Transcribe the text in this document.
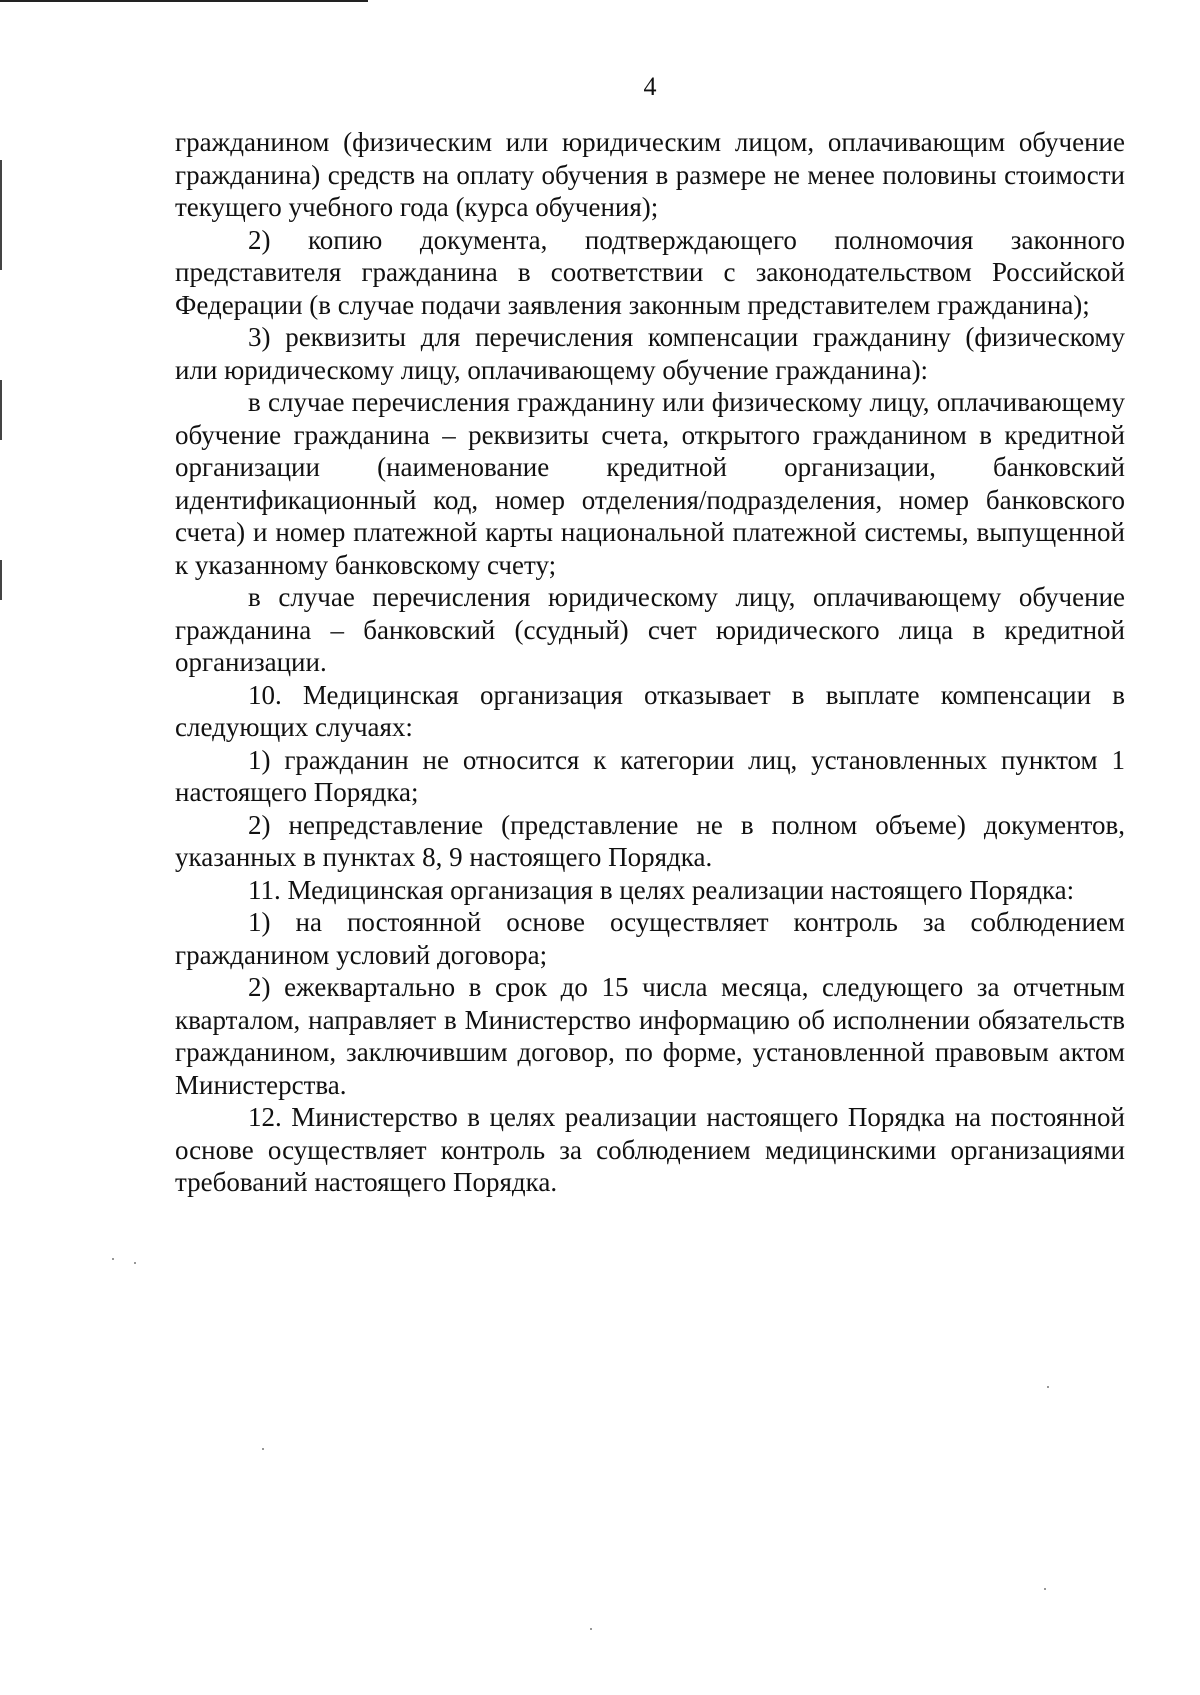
4

гражданином (физическим или юридическим лицом, оплачивающим обучение гражданина) средств на оплату обучения в размере не менее половины стоимости текущего учебного года (курса обучения);

2) копию документа, подтверждающего полномочия законного представителя гражданина в соответствии с законодательством Российской Федерации (в случае подачи заявления законным представителем гражданина);

3) реквизиты для перечисления компенсации гражданину (физическому или юридическому лицу, оплачивающему обучение гражданина):

в случае перечисления гражданину или физическому лицу, оплачивающему обучение гражданина – реквизиты счета, открытого гражданином в кредитной организации (наименование кредитной организации, банковский идентификационный код, номер отделения/подразделения, номер банковского счета) и номер платежной карты национальной платежной системы, выпущенной к указанному банковскому счету;

в случае перечисления юридическому лицу, оплачивающему обучение гражданина – банковский (ссудный) счет юридического лица в кредитной организации.

10. Медицинская организация отказывает в выплате компенсации в следующих случаях:

1) гражданин не относится к категории лиц, установленных пунктом 1 настоящего Порядка;

2) непредставление (представление не в полном объеме) документов, указанных в пунктах 8, 9 настоящего Порядка.

11. Медицинская организация в целях реализации настоящего Порядка:

1) на постоянной основе осуществляет контроль за соблюдением гражданином условий договора;

2) ежеквартально в срок до 15 числа месяца, следующего за отчетным кварталом, направляет в Министерство информацию об исполнении обязательств гражданином, заключившим договор, по форме, установленной правовым актом Министерства.

12. Министерство в целях реализации настоящего Порядка на постоянной основе осуществляет контроль за соблюдением медицинскими организациями требований настоящего Порядка.
